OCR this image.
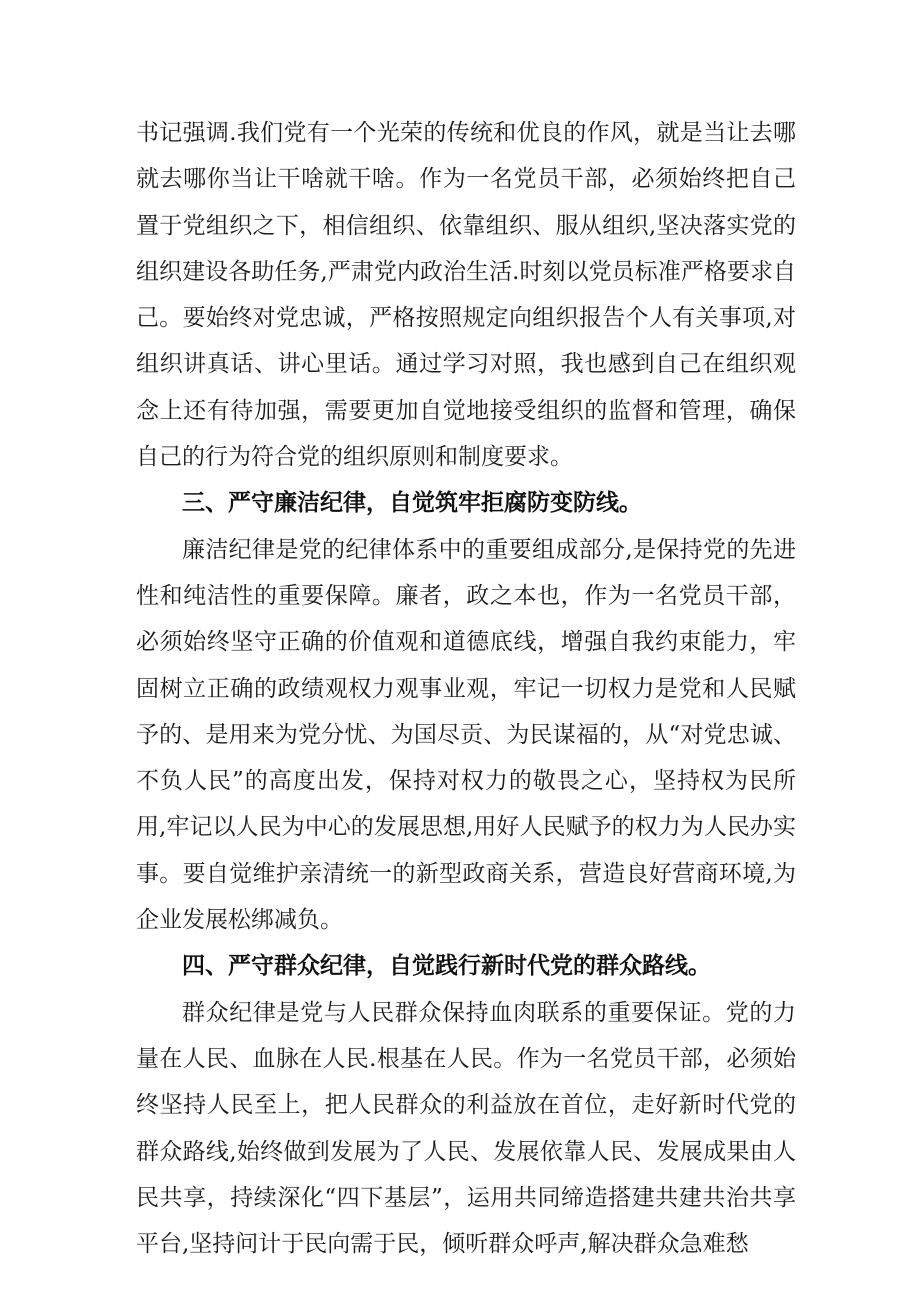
书记强调.我们党有一个光荣的传统和优良的作风，就是当让去哪就去哪你当让干啥就干啥。作为一名党员干部，必须始终把自己置于党组织之下，相信组织、依靠组织、服从组织,坚决落实党的组织建设各助任务,严肃党内政治生活.时刻以党员标准严格要求自己。要始终对党忠诚，严格按照规定向组织报告个人有关事项,对组织讲真话、讲心里话。通过学习对照，我也感到自己在组织观念上还有待加强，需要更加自觉地接受组织的监督和管理，确保自己的行为符合党的组织原则和制度要求。

三、严守廉洁纪律，自觉筑牢拒腐防变防线。

廉洁纪律是党的纪律体系中的重要组成部分,是保持党的先进性和纯洁性的重要保障。廉者，政之本也，作为一名党员干部，必须始终坚守正确的价值观和道德底线，增强自我约束能力，牢固树立正确的政绩观权力观事业观，牢记一切权力是党和人民赋予的、是用来为党分忧、为国尽贡、为民谋福的，从“对党忠诚、不负人民”的高度出发，保持对权力的敬畏之心，坚持权为民所用,牢记以人民为中心的发展思想,用好人民赋予的权力为人民办实事。要自觉维护亲清统一的新型政商关系，营造良好营商环境,为企业发展松绑减负。

四、严守群众纪律，自觉践行新时代党的群众路线。

群众纪律是党与人民群众保持血肉联系的重要保证。党的力量在人民、血脉在人民.根基在人民。作为一名党员干部，必须始终坚持人民至上，把人民群众的利益放在首位，走好新时代党的群众路线,始终做到发展为了人民、发展依靠人民、发展成果由人民共享，持续深化“四下基层”，运用共同缔造搭建共建共治共享平台,坚持问计于民向需于民，倾听群众呼声,解决群众急难愁
